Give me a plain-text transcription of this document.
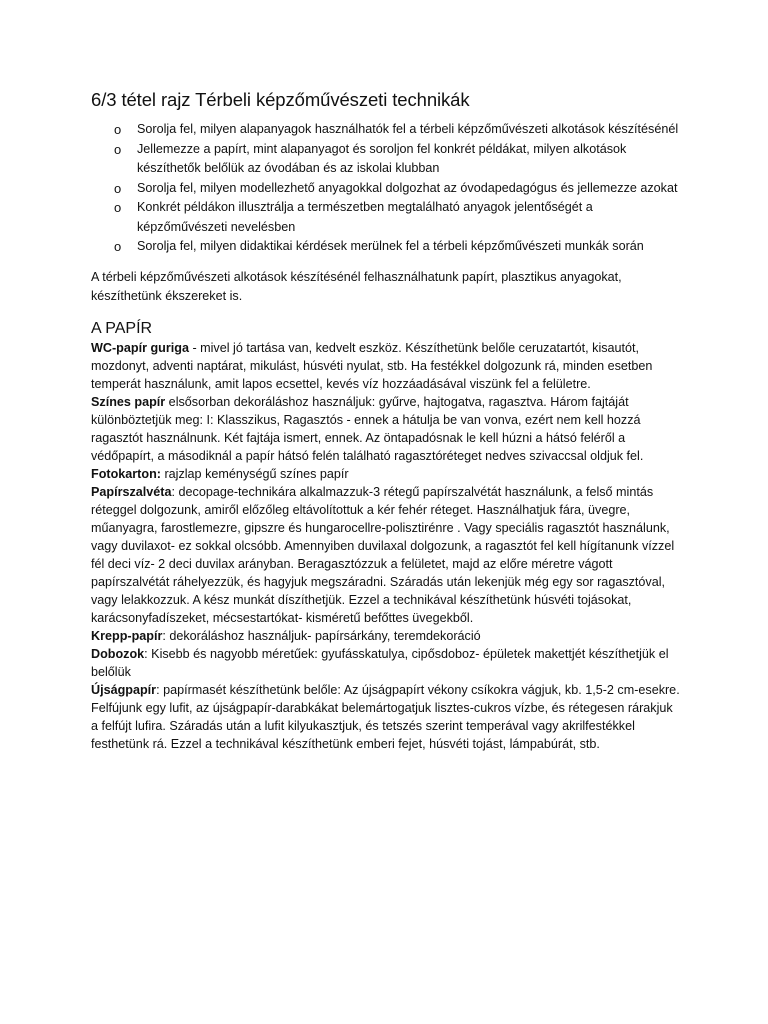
6/3 tétel rajz Térbeli képzőművészeti technikák
o Sorolja fel, milyen alapanyagok használhatók fel a térbeli képzőművészeti alkotások készítésénél
o Jellemezze a papírt, mint alapanyagot és soroljon fel konkrét példákat, milyen alkotások készíthetők belőlük az óvodában és az iskolai klubban
o Sorolja fel, milyen modellezhető anyagokkal dolgozhat az óvodapedagógus és jellemezze azokat
o Konkrét példákon illusztrálja a természetben megtalálható anyagok jelentőségét a képzőművészeti nevelésben
o Sorolja fel, milyen didaktikai kérdések merülnek fel a térbeli képzőművészeti munkák során

A térbeli képzőművészeti alkotások készítésénél felhasználhatunk papírt, plasztikus anyagokat, készíthetünk ékszereket is.

A PAPÍR

WC-papír guriga - mivel jó tartása van, kedvelt eszköz. Készíthetünk belőle ceruzatartót, kisautót, mozdonyt, adventi naptárat, mikulást, húsvéti nyulat, stb. Ha festékkel dolgozunk rá, minden esetben temperát használunk, amit lapos ecsettel, kevés víz hozzáadásával viszünk fel a felületre.

Színes papír elsősorban dekoráláshoz használjuk: gyűrve, hajtogatva, ragasztva. Három fajtáját különböztetjük meg: I: Klasszikus, Ragasztós - ennek a hátulja be van vonva, ezért nem kell hozzá ragasztót használnunk. Két fajtája ismert, ennek. Az öntapadósnak le kell húzni a hátsó feléről a védőpapírt, a másodiknál a papír hátsó felén található ragasztóréteget nedves szivaccsal oldjuk fel.

Fotokarton: rajzlap keménységű színes papír

Papírszalvéta: decopage-technikára alkalmazzuk-3 rétegű papírszalvétát használunk, a felső mintás réteggel dolgozunk, amiről előzőleg eltávolítottuk a kér fehér réteget. Használhatjuk fára, üvegre, műanyagra, farostlemezre, gipszre és hungarocellre-polisztirénre . Vagy speciális ragasztót használunk, vagy duvilaxot- ez sokkal olcsóbb. Amennyiben duvilaxal dolgozunk, a ragasztót fel kell hígítanunk vízzel fél deci víz- 2 deci duvilax arányban. Beragasztózzuk a felületet, majd az előre méretre vágott papírszalvétát ráhelyezzük, és hagyjuk megszáradni. Száradás után lekenjük még egy sor ragasztóval, vagy lelakkozzuk. A kész munkát díszíthetjük. Ezzel a technikával készíthetünk húsvéti tojásokat, karácsonyfadíszeket, mécsestartókat- kisméretű befőttes üvegekből.

Krepp-papír: dekoráláshoz használjuk- papírsárkány, teremdekoráció

Dobozok: Kisebb és nagyobb méretűek: gyufásskatulya, cipősdoboz- épületek makettjét készíthetjük el belőlük

Újságpapír: papírmasét készíthetünk belőle: Az újságpapírt vékony csíkokra vágjuk, kb. 1,5-2 cm-esekre. Felfújunk egy lufit, az újságpapír-darabkákat belemártogatjuk lisztes-cukros vízbe, és rétegesen rárakjuk a felfújt lufira. Száradás után a lufit kilyukasztjuk, és tetszés szerint temperával vagy akrilfestékkel festhetünk rá. Ezzel a technikával készíthetünk emberi fejet, húsvéti tojást, lámpabúrát, stb.
